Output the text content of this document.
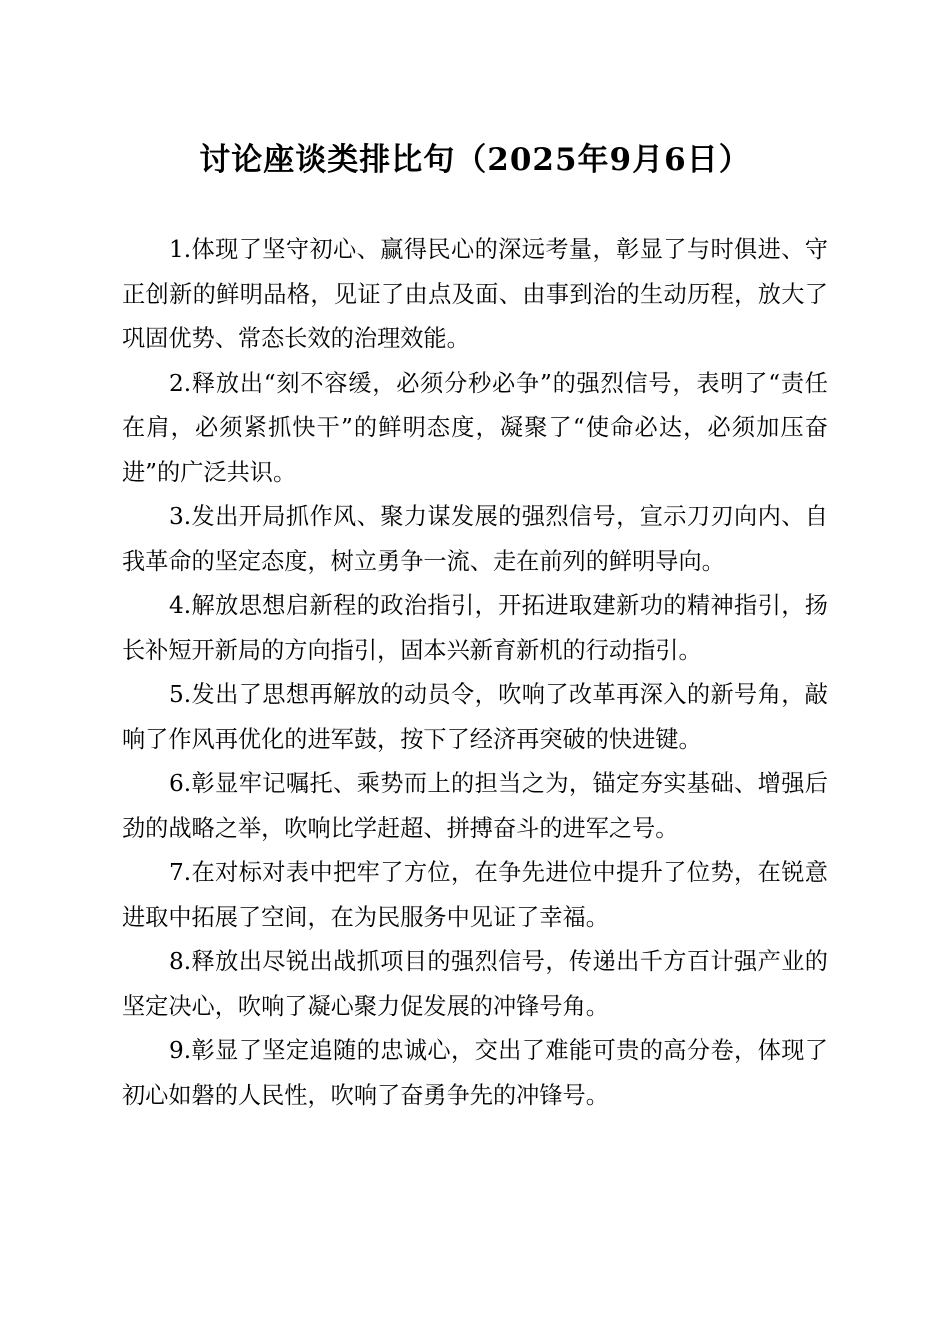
讨论座谈类排比句（2025年9月6日）

1.体现了坚守初心、赢得民心的深远考量，彰显了与时俱进、守正创新的鲜明品格，见证了由点及面、由事到治的生动历程，放大了巩固优势、常态长效的治理效能。

2.释放出“刻不容缓，必须分秒必争”的强烈信号，表明了“责任在肩，必须紧抓快干”的鲜明态度，凝聚了“使命必达，必须加压奋进”的广泛共识。

3.发出开局抓作风、聚力谋发展的强烈信号，宣示刀刃向内、自我革命的坚定态度，树立勇争一流、走在前列的鲜明导向。

4.解放思想启新程的政治指引，开拓进取建新功的精神指引，扬长补短开新局的方向指引，固本兴新育新机的行动指引。

5.发出了思想再解放的动员令，吹响了改革再深入的新号角，敲响了作风再优化的进军鼓，按下了经济再突破的快进键。

6.彰显牢记嘱托、乘势而上的担当之为，锚定夯实基础、增强后劲的战略之举，吹响比学赶超、拼搏奋斗的进军之号。

7.在对标对表中把牢了方位，在争先进位中提升了位势，在锐意进取中拓展了空间，在为民服务中见证了幸福。

8.释放出尽锐出战抓项目的强烈信号，传递出千方百计强产业的坚定决心，吹响了凝心聚力促发展的冲锋号角。

9.彰显了坚定追随的忠诚心，交出了难能可贵的高分卷，体现了初心如磐的人民性，吹响了奋勇争先的冲锋号。
